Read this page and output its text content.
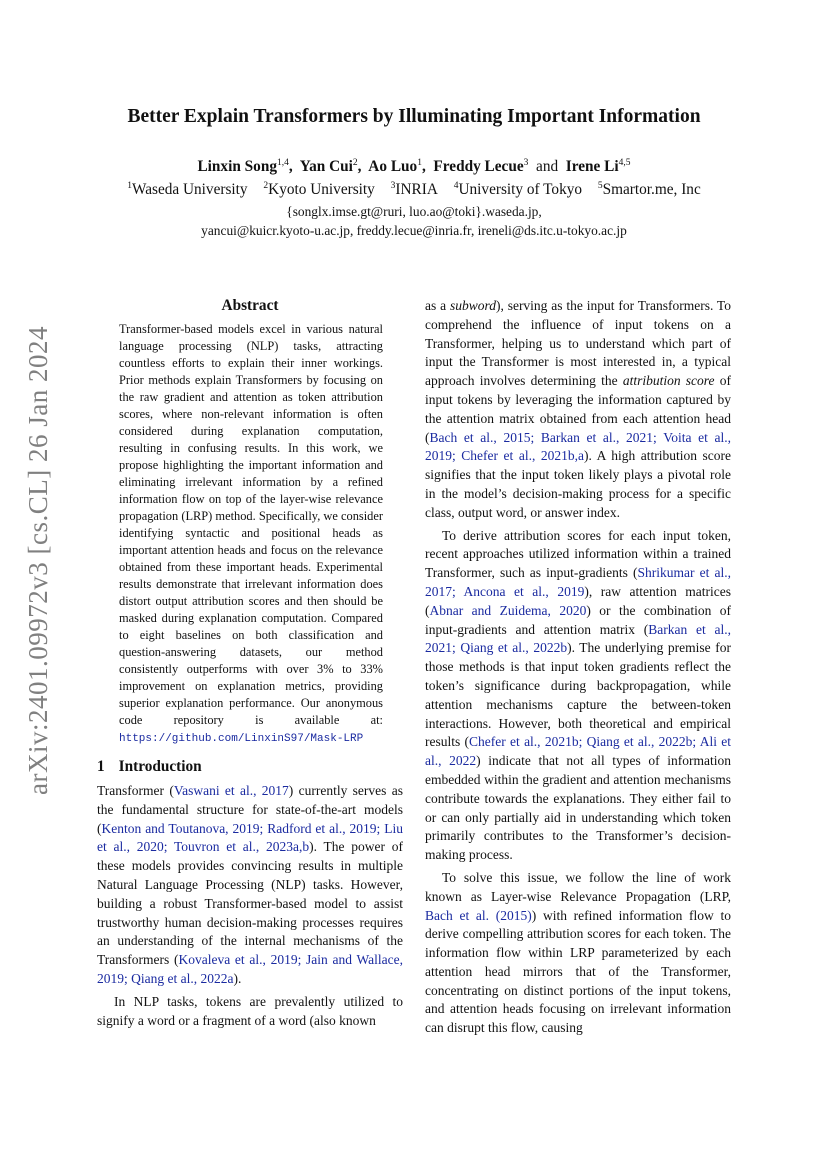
arXiv:2401.09972v3 [cs.CL] 26 Jan 2024
Better Explain Transformers by Illuminating Important Information
Linxin Song$^{1,4}$,  Yan Cui$^2$,  Ao Luo$^1$,  Freddy Lecue$^3$ and Irene Li$^{4,5}$
$^1$Waseda University $^2$Kyoto University $^3$INRIA $^4$University of Tokyo $^5$Smartor.me, Inc
{songlx.imse.gt@ruri, luo.ao@toki}.waseda.jp,
yancui@kuicr.kyoto-u.ac.jp, freddy.lecue@inria.fr, ireneli@ds.itc.u-tokyo.ac.jp
Abstract

Transformer-based models excel in various natural language processing (NLP) tasks, attracting countless efforts to explain their inner workings. Prior methods explain Transformers by focusing on the raw gradient and attention as token attribution scores, where non-relevant information is often considered during explanation computation, resulting in confusing results. In this work, we propose highlighting the important information and eliminating irrelevant information by a refined information flow on top of the layer-wise relevance propagation (LRP) method. Specifically, we consider identifying syntactic and positional heads as important attention heads and focus on the relevance obtained from these important heads. Experimental results demonstrate that irrelevant information does distort output attribution scores and then should be masked during explanation computation. Compared to eight baselines on both classification and question-answering datasets, our method consistently outperforms with over 3% to 33% improvement on explanation metrics, providing superior explanation performance. Our anonymous code repository is available at: https://github.com/LinxinS97/Mask-LRP

1 Introduction

Transformer (Vaswani et al., 2017) currently serves as the fundamental structure for state-of-the-art models (Kenton and Toutanova, 2019; Radford et al., 2019; Liu et al., 2020; Touvron et al., 2023a,b). The power of these models provides convincing results in multiple Natural Language Processing (NLP) tasks. However, building a robust Transformer-based model to assist trustworthy human decision-making processes requires an understanding of the internal mechanisms of the Transformers (Kovaleva et al., 2019; Jain and Wallace, 2019; Qiang et al., 2022a).

In NLP tasks, tokens are prevalently utilized to signify a word or a fragment of a word (also known

as a subword), serving as the input for Transformers. To comprehend the influence of input tokens on a Transformer, helping us to understand which part of input the Transformer is most interested in, a typical approach involves determining the attribution score of input tokens by leveraging the information captured by the attention matrix obtained from each attention head (Bach et al., 2015; Barkan et al., 2021; Voita et al., 2019; Chefer et al., 2021b,a). A high attribution score signifies that the input token likely plays a pivotal role in the model’s decision-making process for a specific class, output word, or answer index.

To derive attribution scores for each input token, recent approaches utilized information within a trained Transformer, such as input-gradients (Shrikumar et al., 2017; Ancona et al., 2019), raw attention matrices (Abnar and Zuidema, 2020) or the combination of input-gradients and attention matrix (Barkan et al., 2021; Qiang et al., 2022b). The underlying premise for those methods is that input token gradients reflect the token’s significance during backpropagation, while attention mechanisms capture the between-token interactions. However, both theoretical and empirical results (Chefer et al., 2021b; Qiang et al., 2022b; Ali et al., 2022) indicate that not all types of information embedded within the gradient and attention mechanisms contribute towards the explanations. They either fail to or can only partially aid in understanding which token primarily contributes to the Transformer’s decision-making process.

To solve this issue, we follow the line of work known as Layer-wise Relevance Propagation (LRP, Bach et al. (2015)) with refined information flow to derive compelling attribution scores for each token. The information flow within LRP parameterized by each attention head mirrors that of the Transformer, concentrating on distinct portions of the input tokens, and attention heads focusing on irrelevant information can disrupt this flow, causing
